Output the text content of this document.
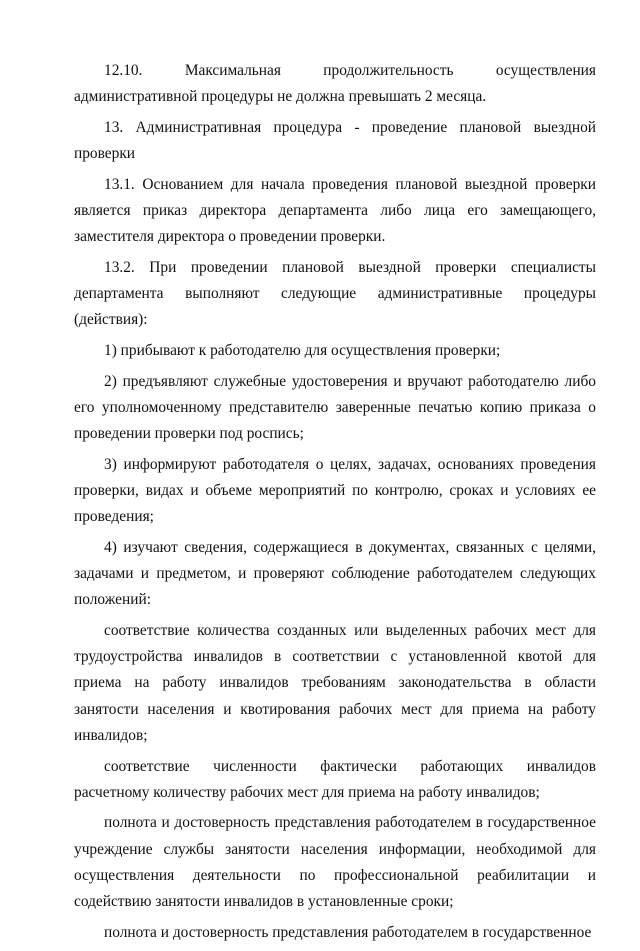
12.10. Максимальная продолжительность осуществления административной процедуры не должна превышать 2 месяца.

13. Административная процедура - проведение плановой выездной проверки

13.1. Основанием для начала проведения плановой выездной проверки является приказ директора департамента либо лица его замещающего, заместителя директора о проведении проверки.

13.2. При проведении плановой выездной проверки специалисты департамента выполняют следующие административные процедуры (действия):

1) прибывают к работодателю для осуществления проверки;

2) предъявляют служебные удостоверения и вручают работодателю либо его уполномоченному представителю заверенные печатью копию приказа о проведении проверки под роспись;

3) информируют работодателя о целях, задачах, основаниях проведения проверки, видах и объеме мероприятий по контролю, сроках и условиях ее проведения;

4) изучают сведения, содержащиеся в документах, связанных с целями, задачами и предметом, и проверяют соблюдение работодателем следующих положений:

соответствие количества созданных или выделенных рабочих мест для трудоустройства инвалидов в соответствии с установленной квотой для приема на работу инвалидов требованиям законодательства в области занятости населения и квотирования рабочих мест для приема на работу инвалидов;

соответствие численности фактически работающих инвалидов расчетному количеству рабочих мест для приема на работу инвалидов;

полнота и достоверность представления работодателем в государственное учреждение службы занятости населения информации, необходимой для осуществления деятельности по профессиональной реабилитации и содействию занятости инвалидов в установленные сроки;

полнота и достоверность представления работодателем в государственное
